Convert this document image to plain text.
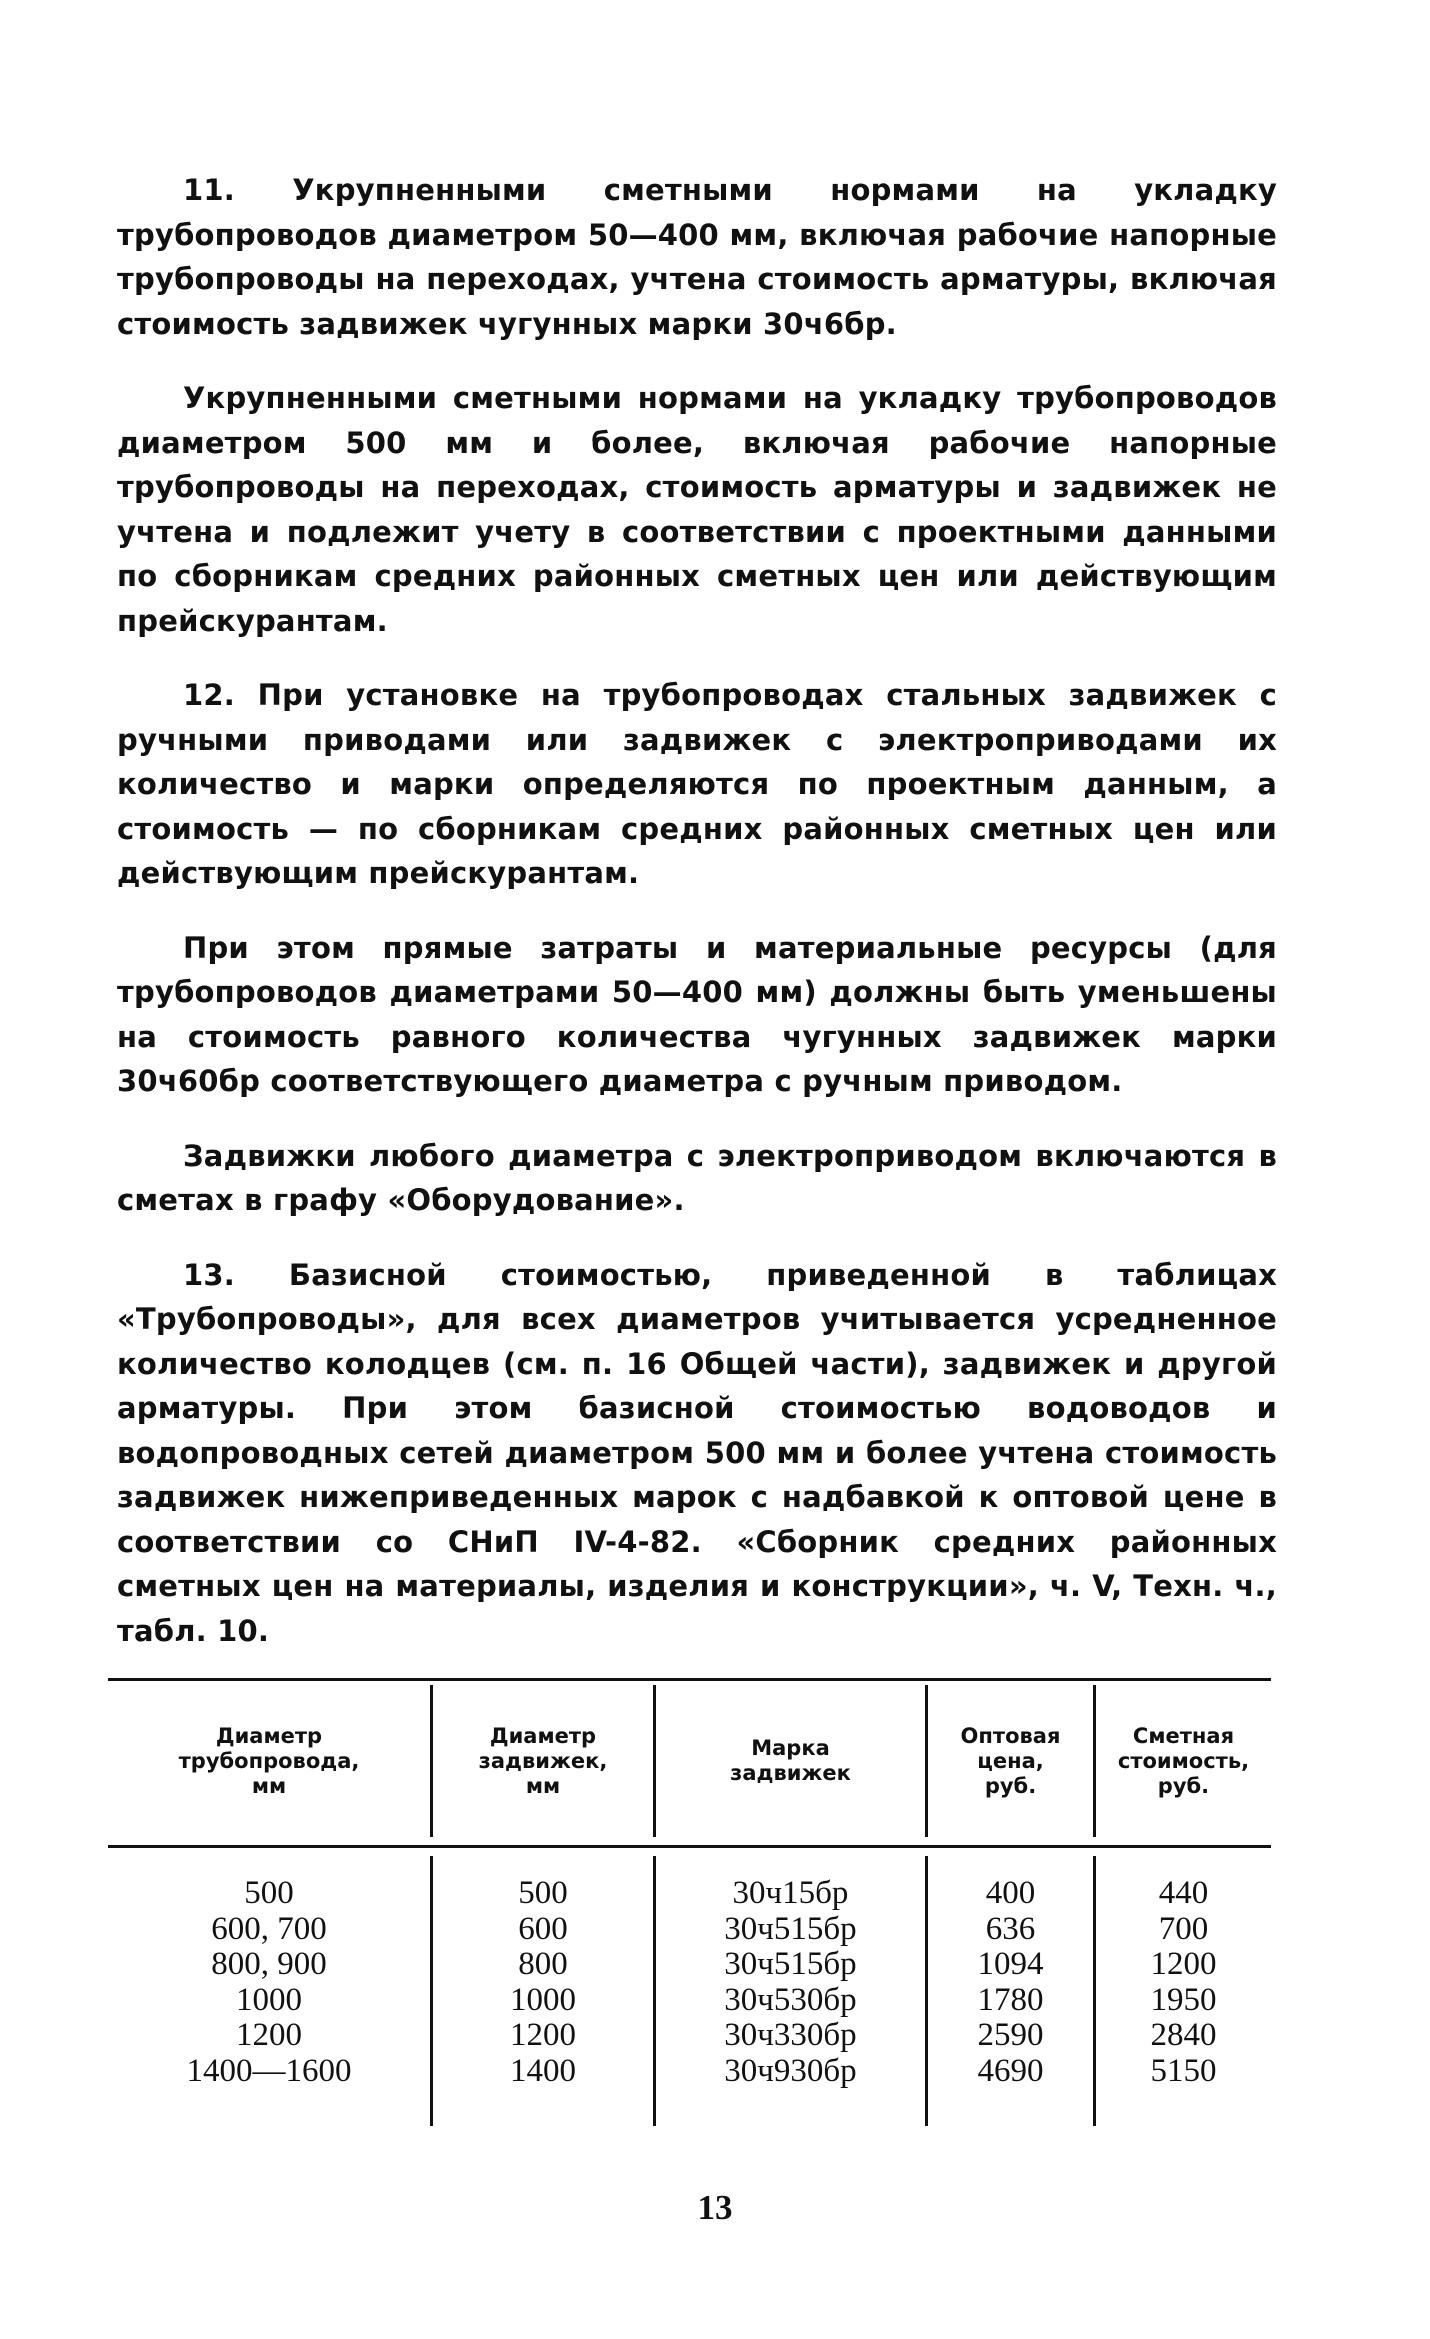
11. Укрупненными сметными нормами на укладку трубопроводов диаметром 50—400 мм, включая рабочие напорные трубопроводы на переходах, учтена стоимость арматуры, включая стоимость задвижек чугунных марки 30ч6бр.

Укрупненными сметными нормами на укладку трубопроводов диаметром 500 мм и более, включая рабочие напорные трубопроводы на переходах, стоимость арматуры и задвижек не учтена и подлежит учету в соответствии с проектными данными по сборникам средних районных сметных цен или действующим прейскурантам.

12. При установке на трубопроводах стальных задвижек с ручными приводами или задвижек с электроприводами их количество и марки определяются по проектным данным, а стоимость — по сборникам средних районных сметных цен или действующим прейскурантам.

При этом прямые затраты и материальные ресурсы (для трубопроводов диаметрами 50—400 мм) должны быть уменьшены на стоимость равного количества чугунных задвижек марки 30ч60бр соответствующего диаметра с ручным приводом.

Задвижки любого диаметра с электроприводом включаются в сметах в графу «Оборудование».

13. Базисной стоимостью, приведенной в таблицах «Трубопроводы», для всех диаметров учитывается усредненное количество колодцев (см. п. 16 Общей части), задвижек и другой арматуры. При этом базисной стоимостью водоводов и водопроводных сетей диаметром 500 мм и более учтена стоимость задвижек нижеприведенных марок с надбавкой к оптовой цене в соответствии со СНиП IV-4-82. «Сборник средних районных сметных цен на материалы, изделия и конструкции», ч. V, Техн. ч., табл. 10.

Диаметр
трубопровода,
мм
Диаметр
задвижек,
мм
Марка
задвижек
Оптовая
цена,
руб.
Сметная
стоимость,
руб.
500
600, 700
800, 900
1000
1200
1400—1600
500
600
800
1000
1200
1400
30ч15бр
30ч515бр
30ч515бр
30ч530бр
30ч330бр
30ч930бр
400
636
1094
1780
2590
4690
440
700
1200
1950
2840
5150
13
